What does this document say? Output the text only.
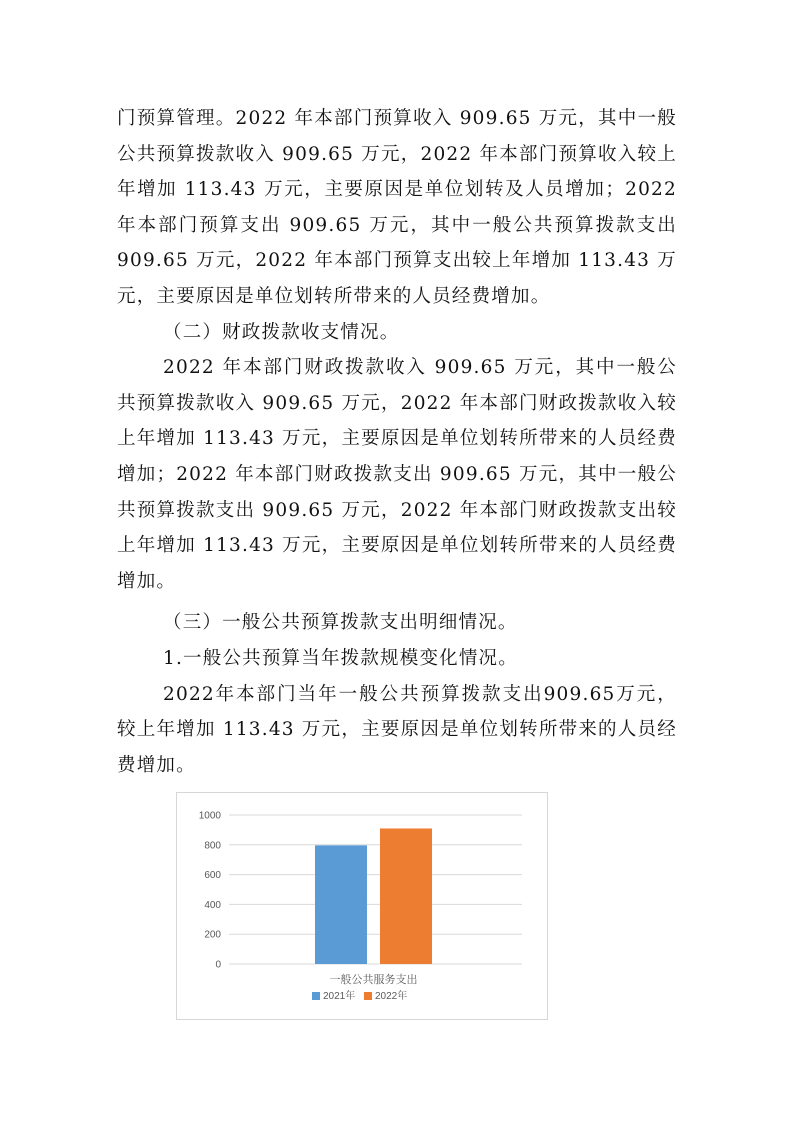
门预算管理。2022 年本部门预算收入 909.65 万元，其中一般公共预算拨款收入 909.65 万元，2022 年本部门预算收入较上年增加 113.43 万元，主要原因是单位划转及人员增加；2022 年本部门预算支出 909.65 万元，其中一般公共预算拨款支出 909.65 万元，2022 年本部门预算支出较上年增加 113.43 万元，主要原因是单位划转所带来的人员经费增加。

（二）财政拨款收支情况。

2022 年本部门财政拨款收入 909.65 万元，其中一般公共预算拨款收入 909.65 万元，2022 年本部门财政拨款收入较上年增加 113.43 万元，主要原因是单位划转所带来的人员经费增加；2022 年本部门财政拨款支出 909.65 万元，其中一般公共预算拨款支出 909.65 万元，2022 年本部门财政拨款支出较上年增加 113.43 万元，主要原因是单位划转所带来的人员经费增加。

（三）一般公共预算拨款支出明细情况。

1.一般公共预算当年拨款规模变化情况。

2022年本部门当年一般公共预算拨款支出909.65万元，较上年增加 113.43 万元，主要原因是单位划转所带来的人员经费增加。

0
200
400
600
800
1000
一般公共服务支出
2021年 2022年
